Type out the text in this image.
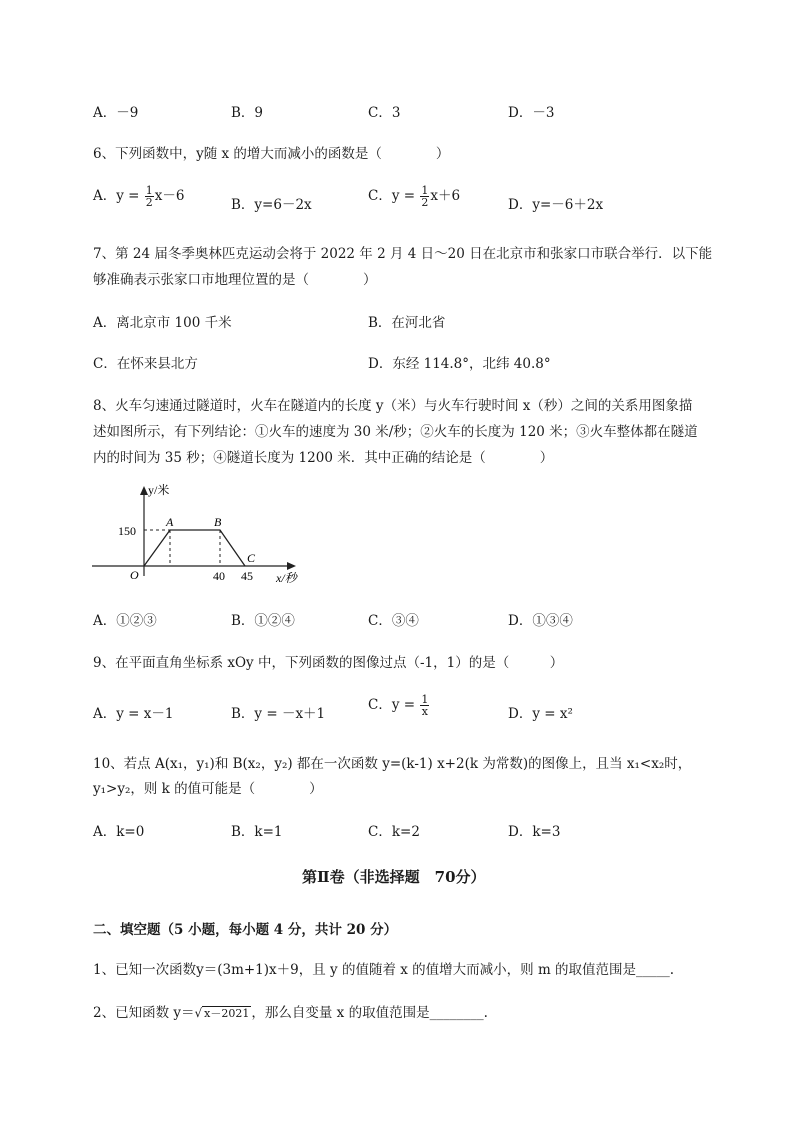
A．－9	B．9	C．3	D．－3
6、下列函数中，y随 x 的增大而减小的函数是（　　　　）
A．$y = \frac{1}{2} x-6$
B．y=6－2x
C．$y = \frac{1}{2} x+6$
D．y=－6＋2x
7、第 24 届冬季奥林匹克运动会将于 2022 年 2 月 4 日～20 日在北京市和张家口市联合举行．以下能
够准确表示张家口市地理位置的是（　　　　）
A．离北京市 100 千米	B．在河北省
C．在怀来县北方	D．东经 114.8°，北纬 40.8°
8、火车匀速通过隧道时，火车在隧道内的长度 y（米）与火车行驶时间 x（秒）之间的关系用图象描
述如图所示，有下列结论：①火车的速度为 30 米/秒；②火车的长度为 120 米；③火车整体都在隧道
内的时间为 35 秒；④隧道长度为 1200 米．其中正确的结论是（　　　　）
y/米
150
A	B
C
O	40 45 x/秒
A．①②③	B．①②④	C．③④	D．①③④
9、在平面直角坐标系 xOy 中，下列函数的图像过点（-1，1）的是（　　　）
A．y = x－1	B．y = －x＋1
C．$y = \frac{1}{x}$	D．y = x²
10、若点 A(x₁，y₁)和 B(x₂，y₂) 都在一次函数 y=(k-1) x+2(k 为常数)的图像上，且当 x₁<x₂时，
y₁>y₂，则 k 的值可能是（　　　　）
A．k=0	B．k=1	C．k=2	D．k=3
第Ⅱ卷（非选择题　70分）
二、填空题（5 小题，每小题 4 分，共计 20 分）
1、已知一次函数y＝(3m+1)x＋9，且 y 的值随着 x 的值增大而减小，则 m 的取值范围是_____.
2、已知函数 y＝√ x－2021 ，那么自变量 x 的取值范围是________.
